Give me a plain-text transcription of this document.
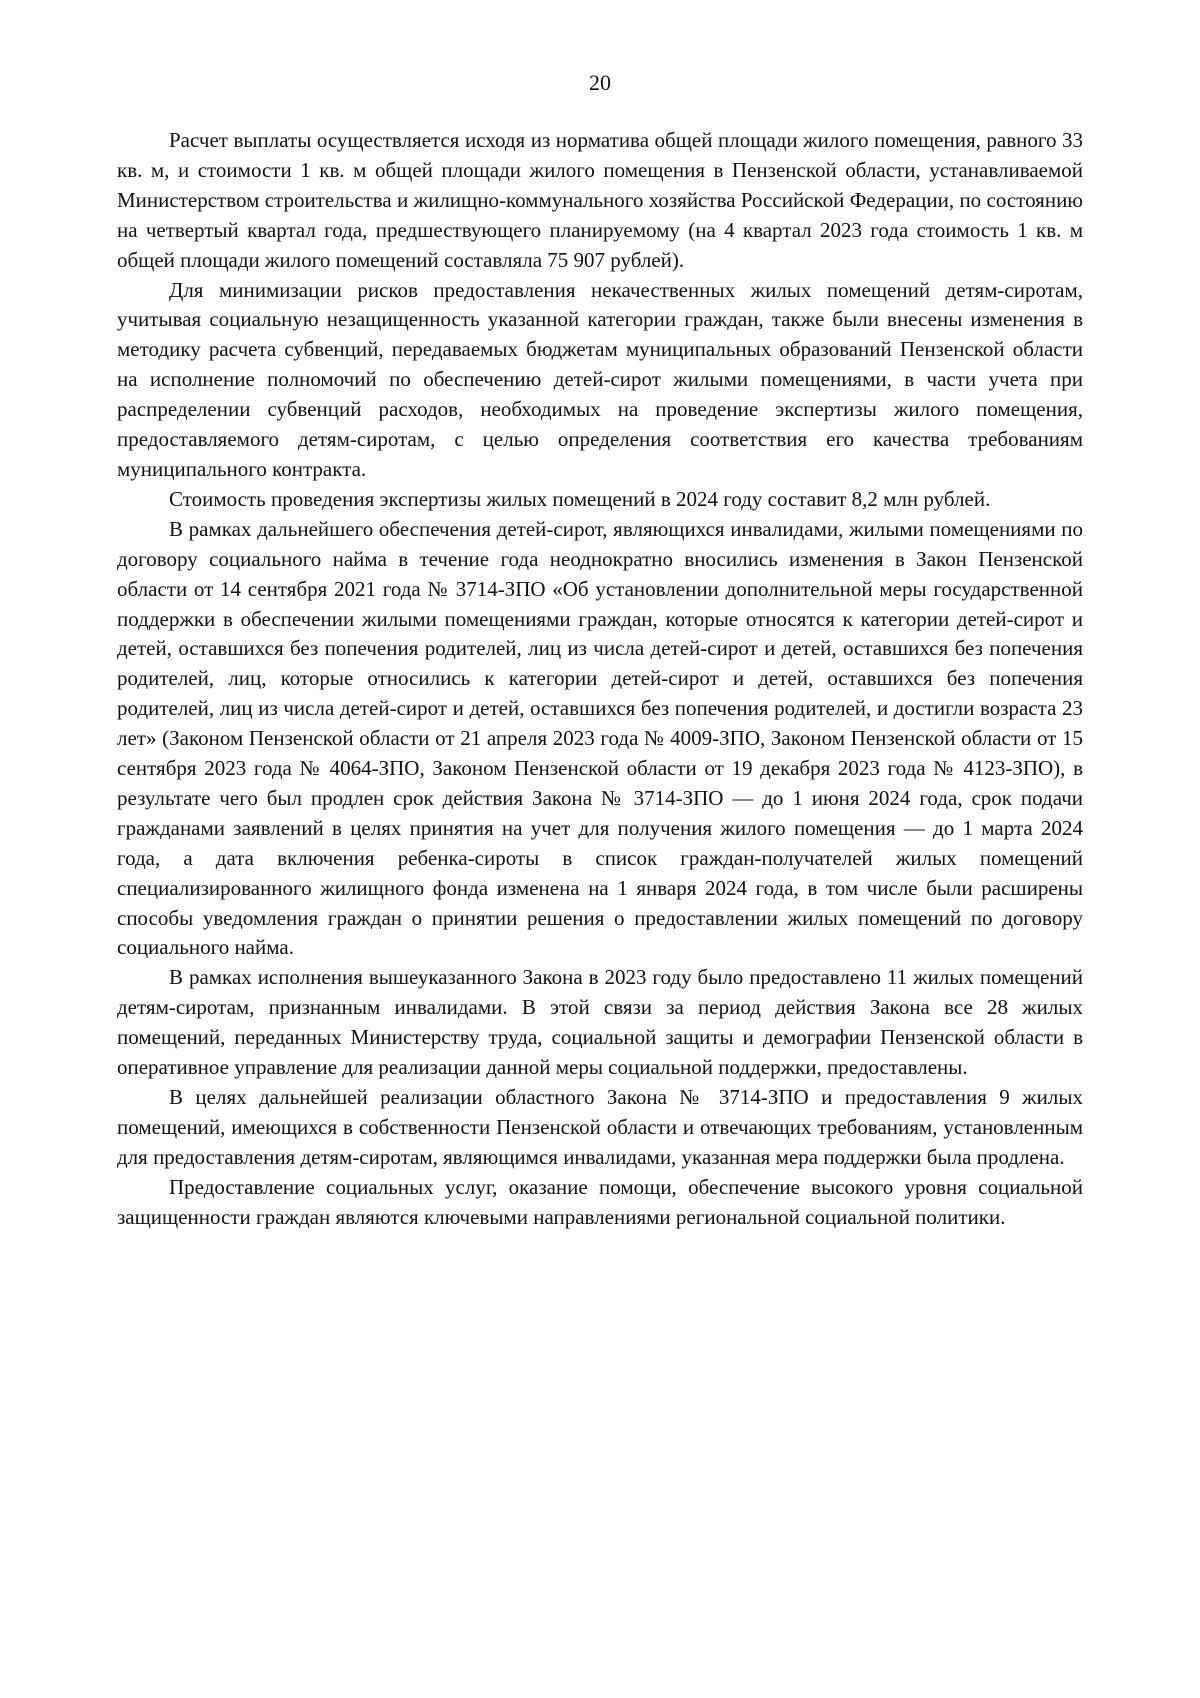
20

Расчет выплаты осуществляется исходя из норматива общей площади жилого помещения, равного 33 кв. м, и стоимости 1 кв. м общей площади жилого помещения в Пензенской области, устанавливаемой Министерством строительства и жилищно-коммунального хозяйства Российской Федерации, по состоянию на четвертый квартал года, предшествующего планируемому (на 4 квартал 2023 года стоимость 1 кв. м общей площади жилого помещений составляла 75 907 рублей).

Для минимизации рисков предоставления некачественных жилых помещений детям-сиротам, учитывая социальную незащищенность указанной категории граждан, также были внесены изменения в методику расчета субвенций, передаваемых бюджетам муниципальных образований Пензенской области на исполнение полномочий по обеспечению детей-сирот жилыми помещениями, в части учета при распределении субвенций расходов, необходимых на проведение экспертизы жилого помещения, предоставляемого детям-сиротам, с целью определения соответствия его качества требованиям муниципального контракта.

Стоимость проведения экспертизы жилых помещений в 2024 году составит 8,2 млн рублей.

В рамках дальнейшего обеспечения детей-сирот, являющихся инвалидами, жилыми помещениями по договору социального найма в течение года неоднократно вносились изменения в Закон Пензенской области от 14 сентября 2021 года № 3714-ЗПО «Об установлении дополнительной меры государственной поддержки в обеспечении жилыми помещениями граждан, которые относятся к категории детей-сирот и детей, оставшихся без попечения родителей, лиц из числа детей-сирот и детей, оставшихся без попечения родителей, лиц, которые относились к категории детей-сирот и детей, оставшихся без попечения родителей, лиц из числа детей-сирот и детей, оставшихся без попечения родителей, и достигли возраста 23 лет» (Законом Пензенской области от 21 апреля 2023 года № 4009-ЗПО, Законом Пензенской области от 15 сентября 2023 года № 4064-ЗПО, Законом Пензенской области от 19 декабря 2023 года № 4123-ЗПО), в результате чего был продлен срок действия Закона № 3714-ЗПО — до 1 июня 2024 года, срок подачи гражданами заявлений в целях принятия на учет для получения жилого помещения — до 1 марта 2024 года, а дата включения ребенка-сироты в список граждан-получателей жилых помещений специализированного жилищного фонда изменена на 1 января 2024 года, в том числе были расширены способы уведомления граждан о принятии решения о предоставлении жилых помещений по договору социального найма.

В рамках исполнения вышеуказанного Закона в 2023 году было предоставлено 11 жилых помещений детям-сиротам, признанным инвалидами. В этой связи за период действия Закона все 28 жилых помещений, переданных Министерству труда, социальной защиты и демографии Пензенской области в оперативное управление для реализации данной меры социальной поддержки, предоставлены.

В целях дальнейшей реализации областного Закона № 3714-ЗПО и предоставления 9 жилых помещений, имеющихся в собственности Пензенской области и отвечающих требованиям, установленным для предоставления детям-сиротам, являющимся инвалидами, указанная мера поддержки была продлена.

Предоставление социальных услуг, оказание помощи, обеспечение высокого уровня социальной защищенности граждан являются ключевыми направлениями региональной социальной политики.
